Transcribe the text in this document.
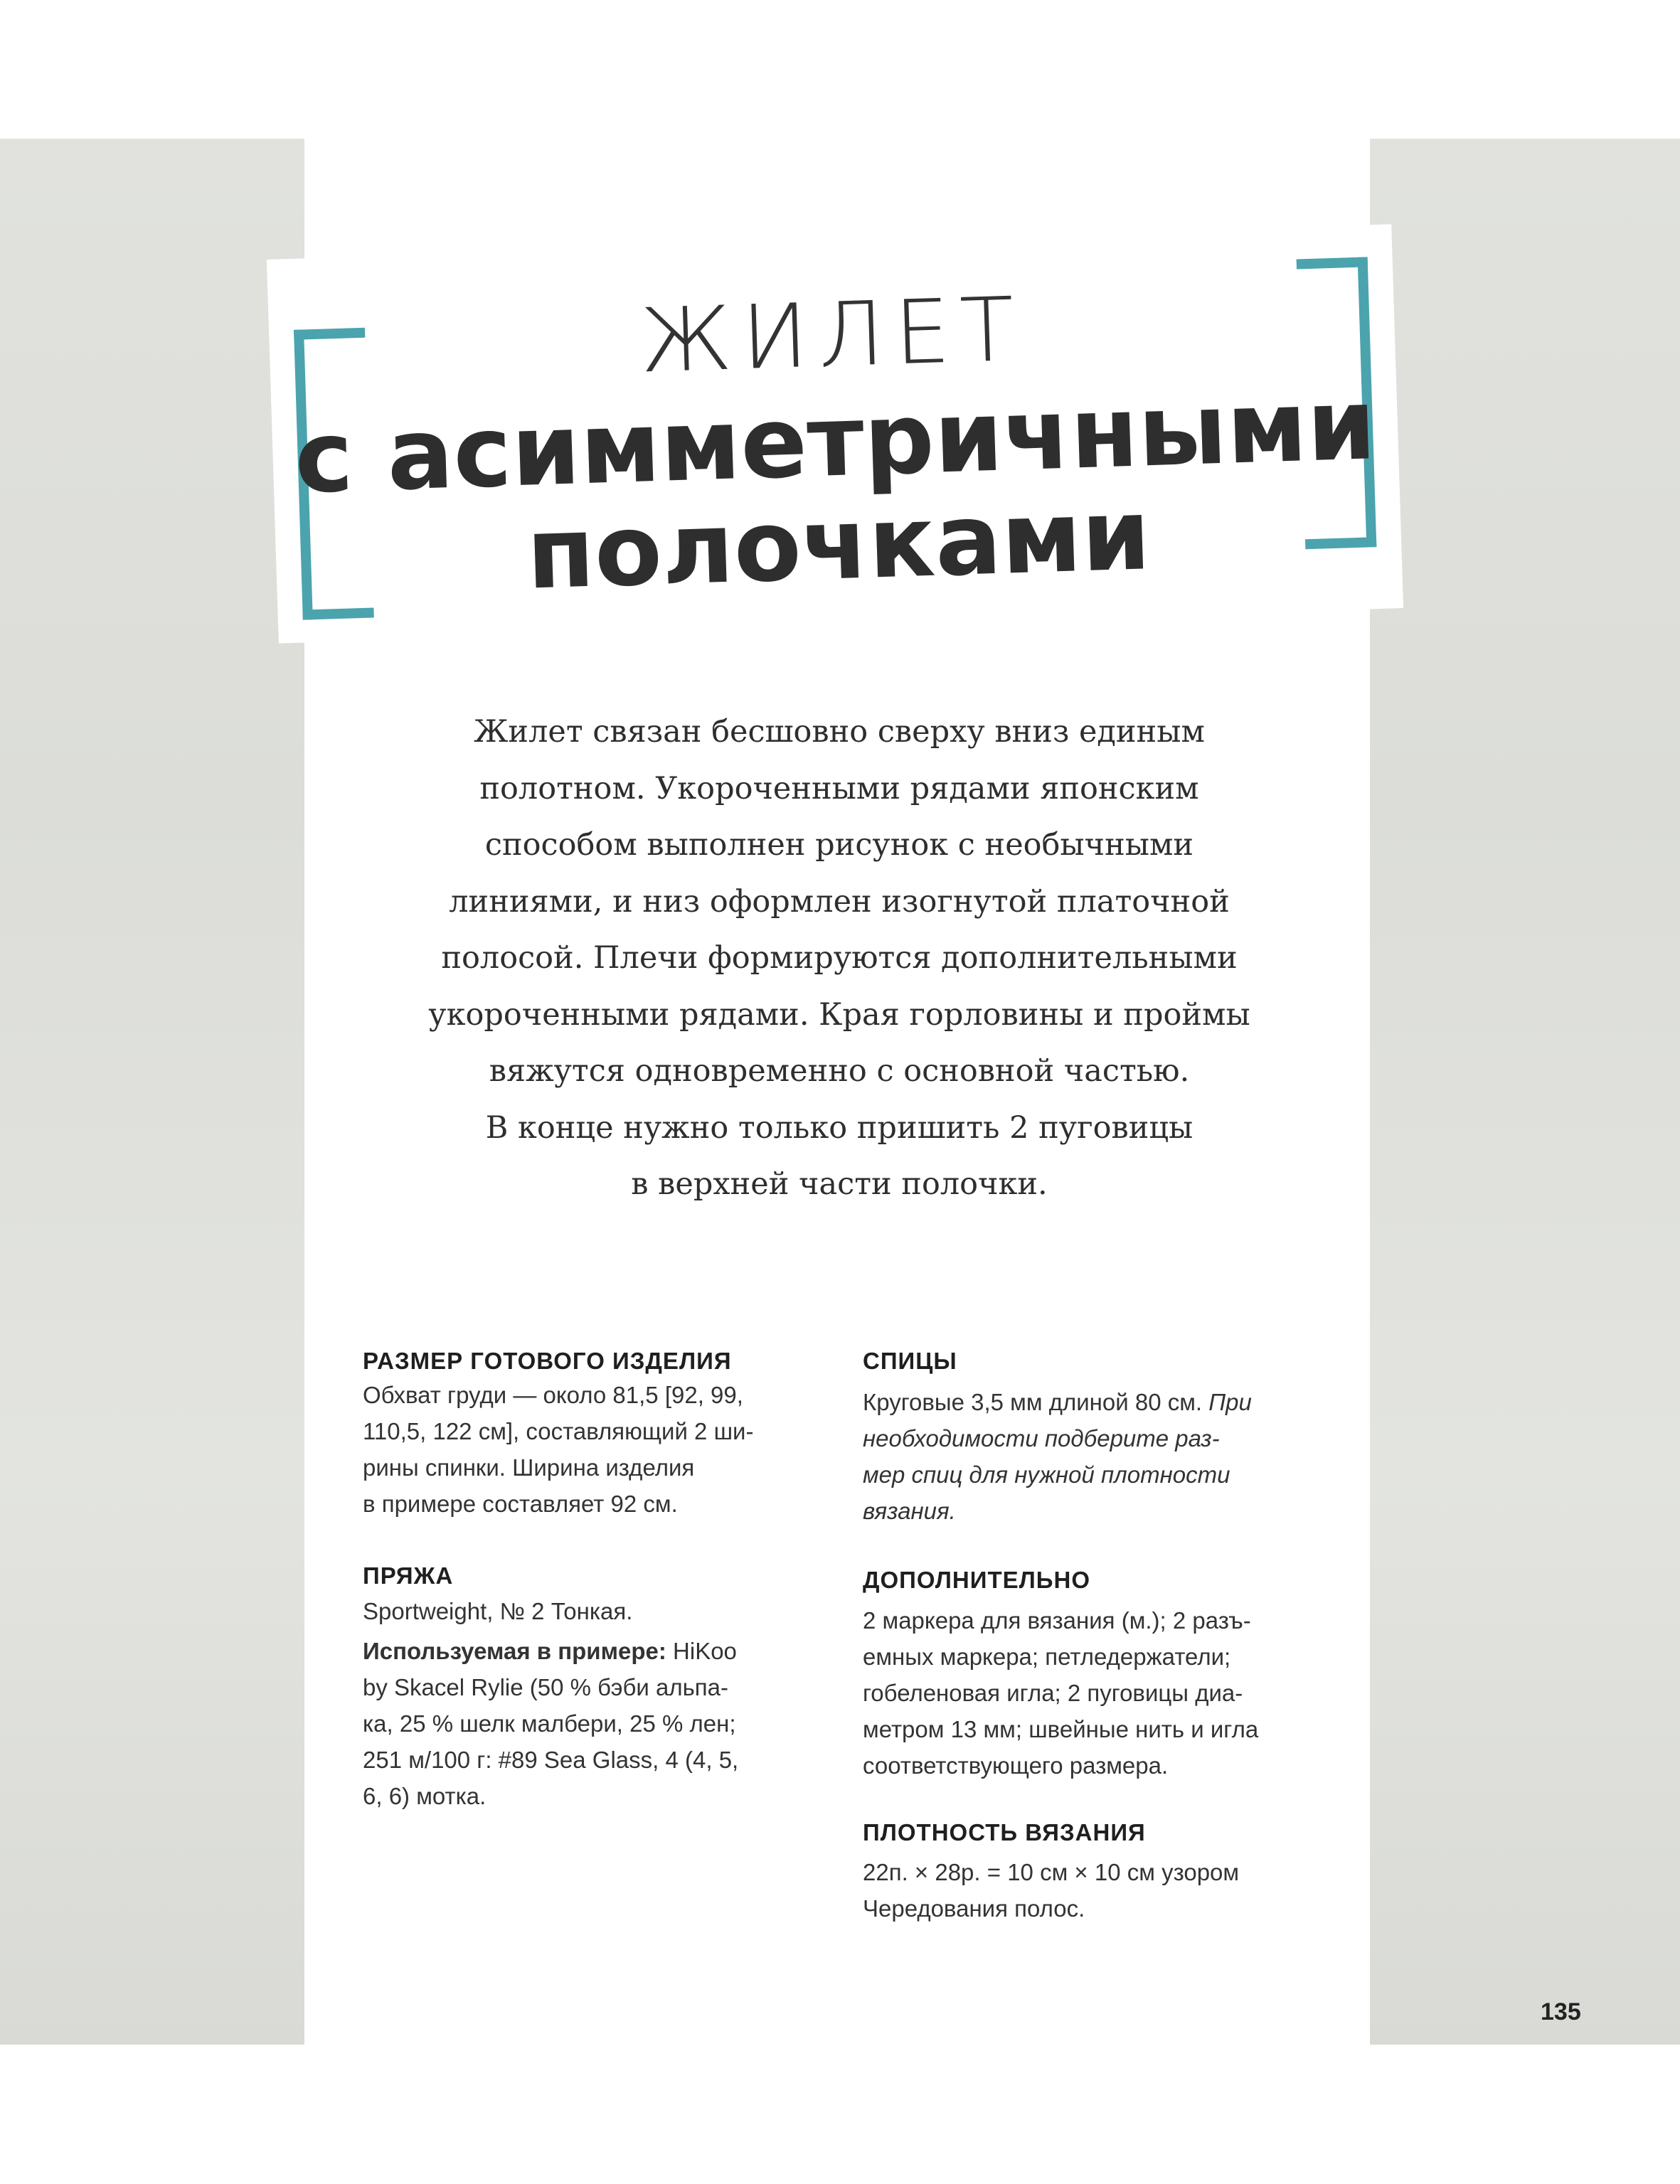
ЖИЛЕТ
с асимметричными
полочками
Жилет связан бесшовно сверху вниз единым
полотном. Укороченными рядами японским
способом выполнен рисунок с необычными
линиями, и низ оформлен изогнутой платочной
полосой. Плечи формируются дополнительными
укороченными рядами. Края горловины и проймы
вяжутся одновременно с основной частью.
В конце нужно только пришить 2 пуговицы
в верхней части полочки.
РАЗМЕР ГОТОВОГО ИЗДЕЛИЯ
Обхват груди — около 81,5 [92, 99,
110,5, 122 см], составляющий 2 ши-
рины спинки. Ширина изделия
в примере составляет 92 см.
ПРЯЖА
Sportweight, № 2 Тонкая.
Используемая в примере: HiKoo
by Skacel Rylie (50 % бэби альпа-
ка, 25 % шелк малбери, 25 % лен;
251 м/100 г: #89 Sea Glass, 4 (4, 5,
6, 6) мотка.
СПИЦЫ
Круговые 3,5 мм длиной 80 см. При
необходимости подберите раз-
мер спиц для нужной плотности
вязания.
ДОПОЛНИТЕЛЬНО
2 маркера для вязания (м.); 2 разъ-
емных маркера; петледержатели;
гобеленовая игла; 2 пуговицы диа-
метром 13 мм; швейные нить и игла
соответствующего размера.
ПЛОТНОСТЬ ВЯЗАНИЯ
22п. × 28р. = 10 см × 10 см узором
Чередования полос.
135
